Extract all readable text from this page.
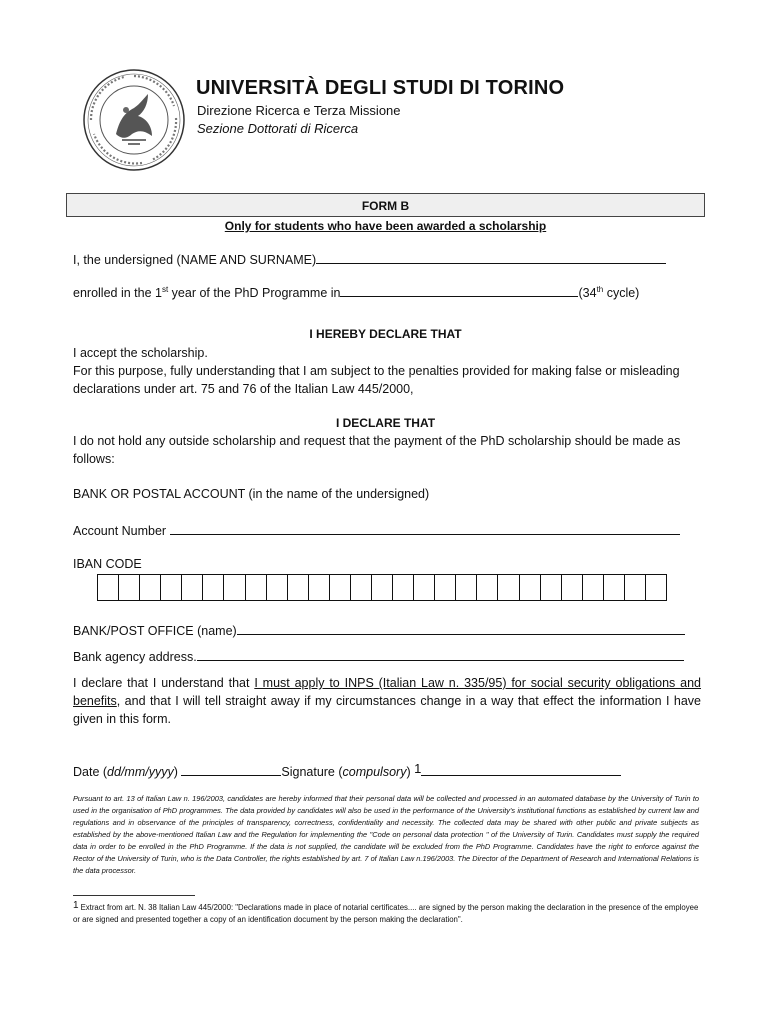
UNIVERSITÀ DEGLI STUDI DI TORINO
Direzione Ricerca e Terza Missione
Sezione Dottorati di Ricerca
FORM B
Only for students who have been awarded a scholarship
I, the undersigned (NAME AND SURNAME)
enrolled in the 1st year of the PhD Programme in	(34th cycle)
I HEREBY DECLARE THAT
I accept the scholarship.
For this purpose, fully understanding that I am subject to the penalties provided for making false or misleading declarations under art. 75 and 76 of the Italian Law 445/2000,
I DECLARE THAT
I do not hold any outside scholarship and request that the payment of the PhD scholarship should be made as follows:
BANK OR POSTAL ACCOUNT (in the name of the undersigned)
Account Number
IBAN CODE
BANK/POST OFFICE (name)
Bank agency address.
I declare that I understand that I must apply to INPS (Italian Law n. 335/95) for social security obligations and benefits, and that I will tell straight away if my circumstances change in a way that effect the information I have given in this form.
Date (dd/mm/yyyy)	Signature (compulsory) 1
Pursuant to art. 13 of Italian Law n. 196/2003, candidates are hereby informed that their personal data will be collected and processed in an automated database by the University of Turin to used in the organisation of PhD programmes. The data provided by candidates will also be used in the performance of the University's institutional functions as established by current law and regulations and in observance of the principles of transparency, correctness, confidentiality and necessity. The collected data may be shared with other public and private subjects as established by the above-mentioned Italian Law and the Regulation for implementing the "Code on personal data protection " of the University of Turin. Candidates must supply the required data in order to be enrolled in the PhD Programme. If the data is not supplied, the candidate will be excluded from the PhD Programme. Candidates have the right to enforce against the Rector of the University of Turin, who is the Data Controller, the rights established by art. 7 of Italian Law n.196/2003. The Director of the Department of Research and International Relations is the data processor.
$^1$ Extract from art. N. 38 Italian Law 445/2000: "Declarations made in place of notarial certificates.... are signed by the person making the declaration in the presence of the employee or are signed and presented together a copy of an identification document by the person making the declaration".
